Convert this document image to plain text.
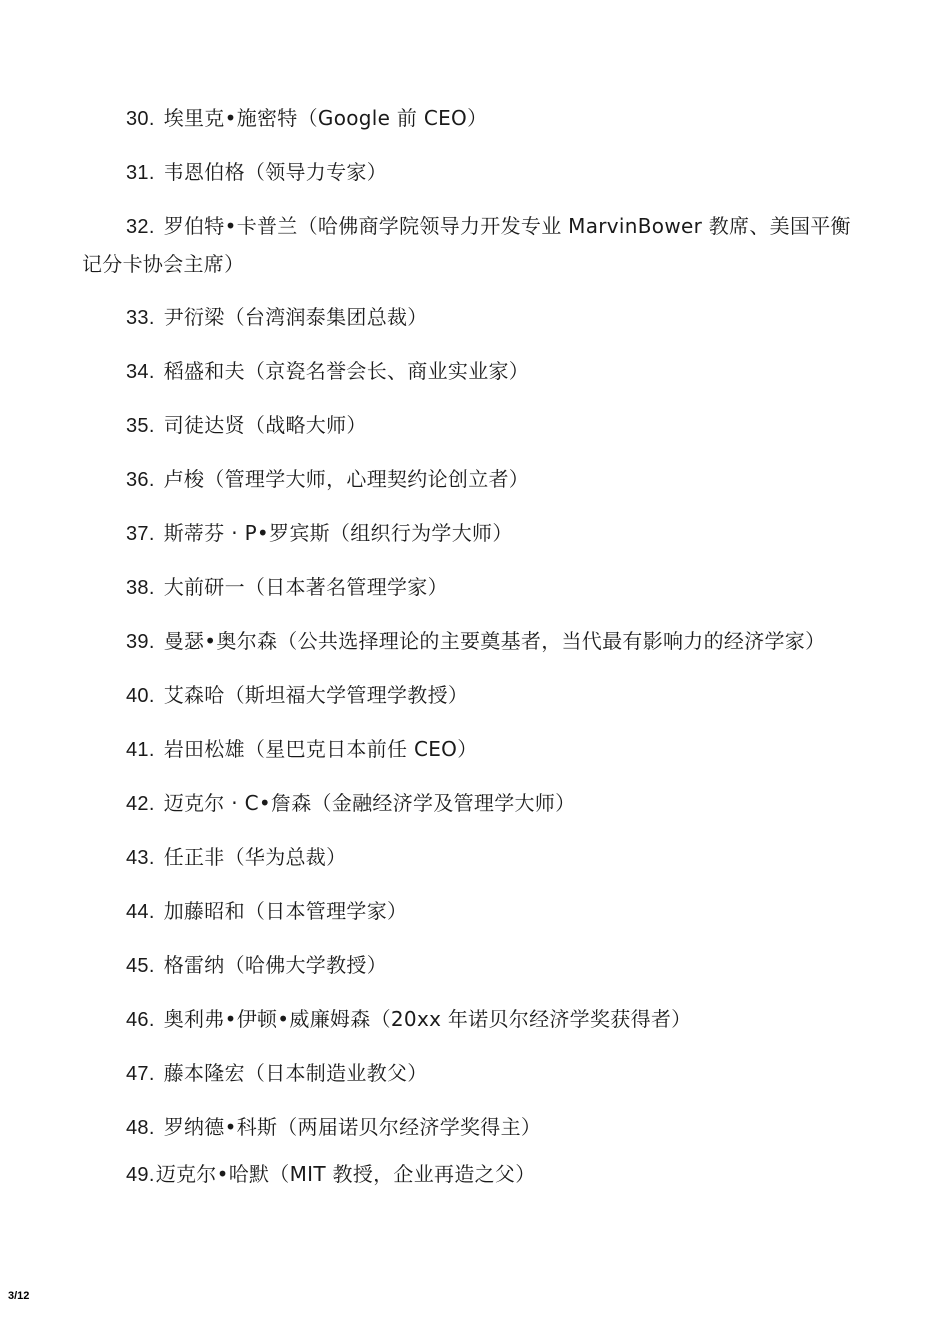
30. 埃里克•施密特（Google 前 CEO）
31. 韦恩伯格（领导力专家）
32. 罗伯特•卡普兰（哈佛商学院领导力开发专业 MarvinBower 教席、美国平衡记分卡协会主席）
33. 尹衍梁（台湾润泰集团总裁）
34. 稻盛和夫（京瓷名誉会长、商业实业家）
35. 司徒达贤（战略大师）
36. 卢梭（管理学大师，心理契约论创立者）
37. 斯蒂芬 · P•罗宾斯（组织行为学大师）
38. 大前研一（日本著名管理学家）
39. 曼瑟•奥尔森（公共选择理论的主要奠基者，当代最有影响力的经济学家）
40. 艾森哈（斯坦福大学管理学教授）
41. 岩田松雄（星巴克日本前任 CEO）
42. 迈克尔 · C•詹森（金融经济学及管理学大师）
43. 任正非（华为总裁）
44. 加藤昭和（日本管理学家）
45. 格雷纳（哈佛大学教授）
46. 奥利弗•伊顿•威廉姆森（20xx 年诺贝尔经济学奖获得者）
47. 藤本隆宏（日本制造业教父）
48. 罗纳德•科斯（两届诺贝尔经济学奖得主）
49.迈克尔•哈默（MIT 教授，企业再造之父）
3/12
